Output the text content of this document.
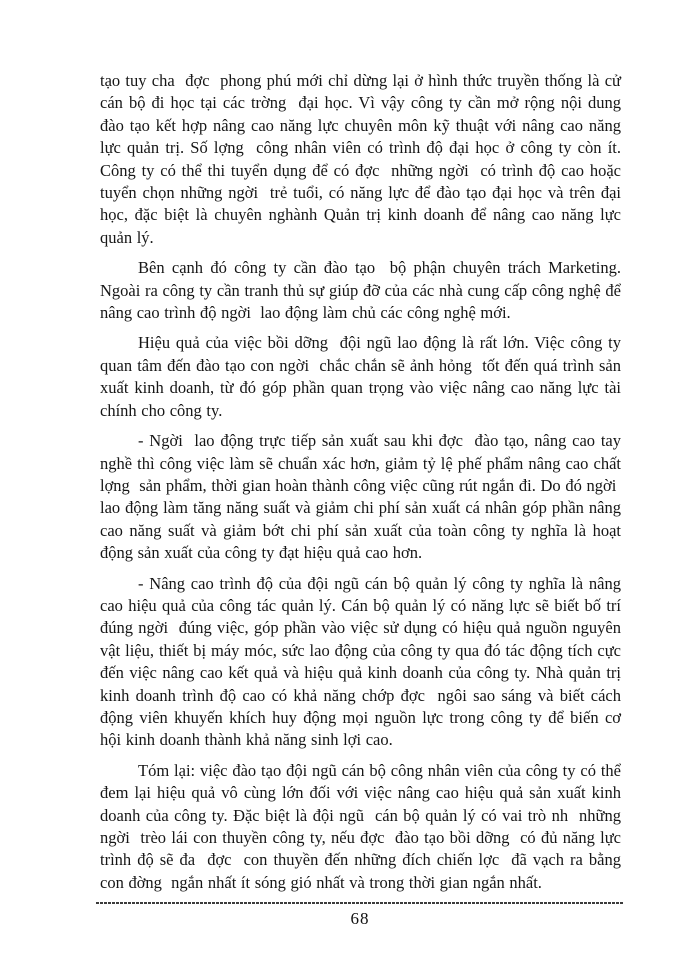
tạo tuy cha  đợc  phong phú mới chỉ dừng lại ở hình thức truyền thống là cử cán bộ đi học tại các trờng  đại học. Vì vậy công ty cần mở rộng nội dung đào tạo kết hợp nâng cao năng lực chuyên môn kỹ thuật với nâng cao năng lực quản trị. Số lợng  công nhân viên có trình độ đại học ở công ty còn ít. Công ty có thể thi tuyển dụng để có đợc  những ngời  có trình độ cao hoặc tuyển chọn những ngời  trẻ tuổi, có năng lực để đào tạo đại học và trên đại học, đặc biệt là chuyên nghành Quản trị kinh doanh để nâng cao năng lực quản lý.

Bên cạnh đó công ty cần đào tạo  bộ phận chuyên trách Marketing. Ngoài ra công ty cần tranh thủ sự giúp đỡ của các nhà cung cấp công nghệ để nâng cao trình độ ngời  lao động làm chủ các công nghệ mới.

Hiệu quả của việc bồi dỡng  đội ngũ lao động là rất lớn. Việc công ty quan tâm đến đào tạo con ngời  chắc chắn sẽ ảnh hỏng  tốt đến quá trình sản xuất kinh doanh, từ đó góp phần quan trọng vào việc nâng cao năng lực tài chính cho công ty.

- Ngời  lao động trực tiếp sản xuất sau khi đợc  đào tạo, nâng cao tay nghề thì công việc làm sẽ chuẩn xác hơn, giảm tỷ lệ phế phẩm nâng cao chất lợng  sản phẩm, thời gian hoàn thành công việc cũng rút ngắn đi. Do đó ngời  lao động làm tăng năng suất và giảm chi phí sản xuất cá nhân góp phần nâng cao năng suất và giảm bớt chi phí sản xuất của toàn công ty nghĩa là hoạt động sản xuất của công ty đạt hiệu quả cao hơn.

- Nâng cao trình độ của đội ngũ cán bộ quản lý công ty nghĩa là nâng cao hiệu quả của công tác quản lý. Cán bộ quản lý có năng lực sẽ biết bố trí đúng ngời  đúng việc, góp phần vào việc sử dụng có hiệu quả nguồn nguyên vật liệu, thiết bị máy móc, sức lao động của công ty qua đó tác động tích cực đến việc nâng cao kết quả và hiệu quả kinh doanh của công ty. Nhà quản trị kinh doanh trình độ cao có khả năng chớp đợc  ngôi sao sáng và biết cách động viên khuyến khích huy động mọi nguồn lực trong công ty để biến cơ hội kinh doanh thành khả năng sinh lợi cao.

Tóm lại: việc đào tạo đội ngũ cán bộ công nhân viên của công ty có thể đem lại hiệu quả vô cùng lớn đối với việc nâng cao hiệu quả sản xuất kinh doanh của công ty. Đặc biệt là đội ngũ  cán bộ quản lý có vai trò nh  những ngời  trèo lái con thuyền công ty, nếu đợc  đào tạo bồi dỡng  có đủ năng lực trình độ sẽ đa  đợc  con thuyền đến những đích chiến lợc  đã vạch ra bằng con đờng  ngắn nhất ít sóng gió nhất và trong thời gian ngắn nhất.

68
